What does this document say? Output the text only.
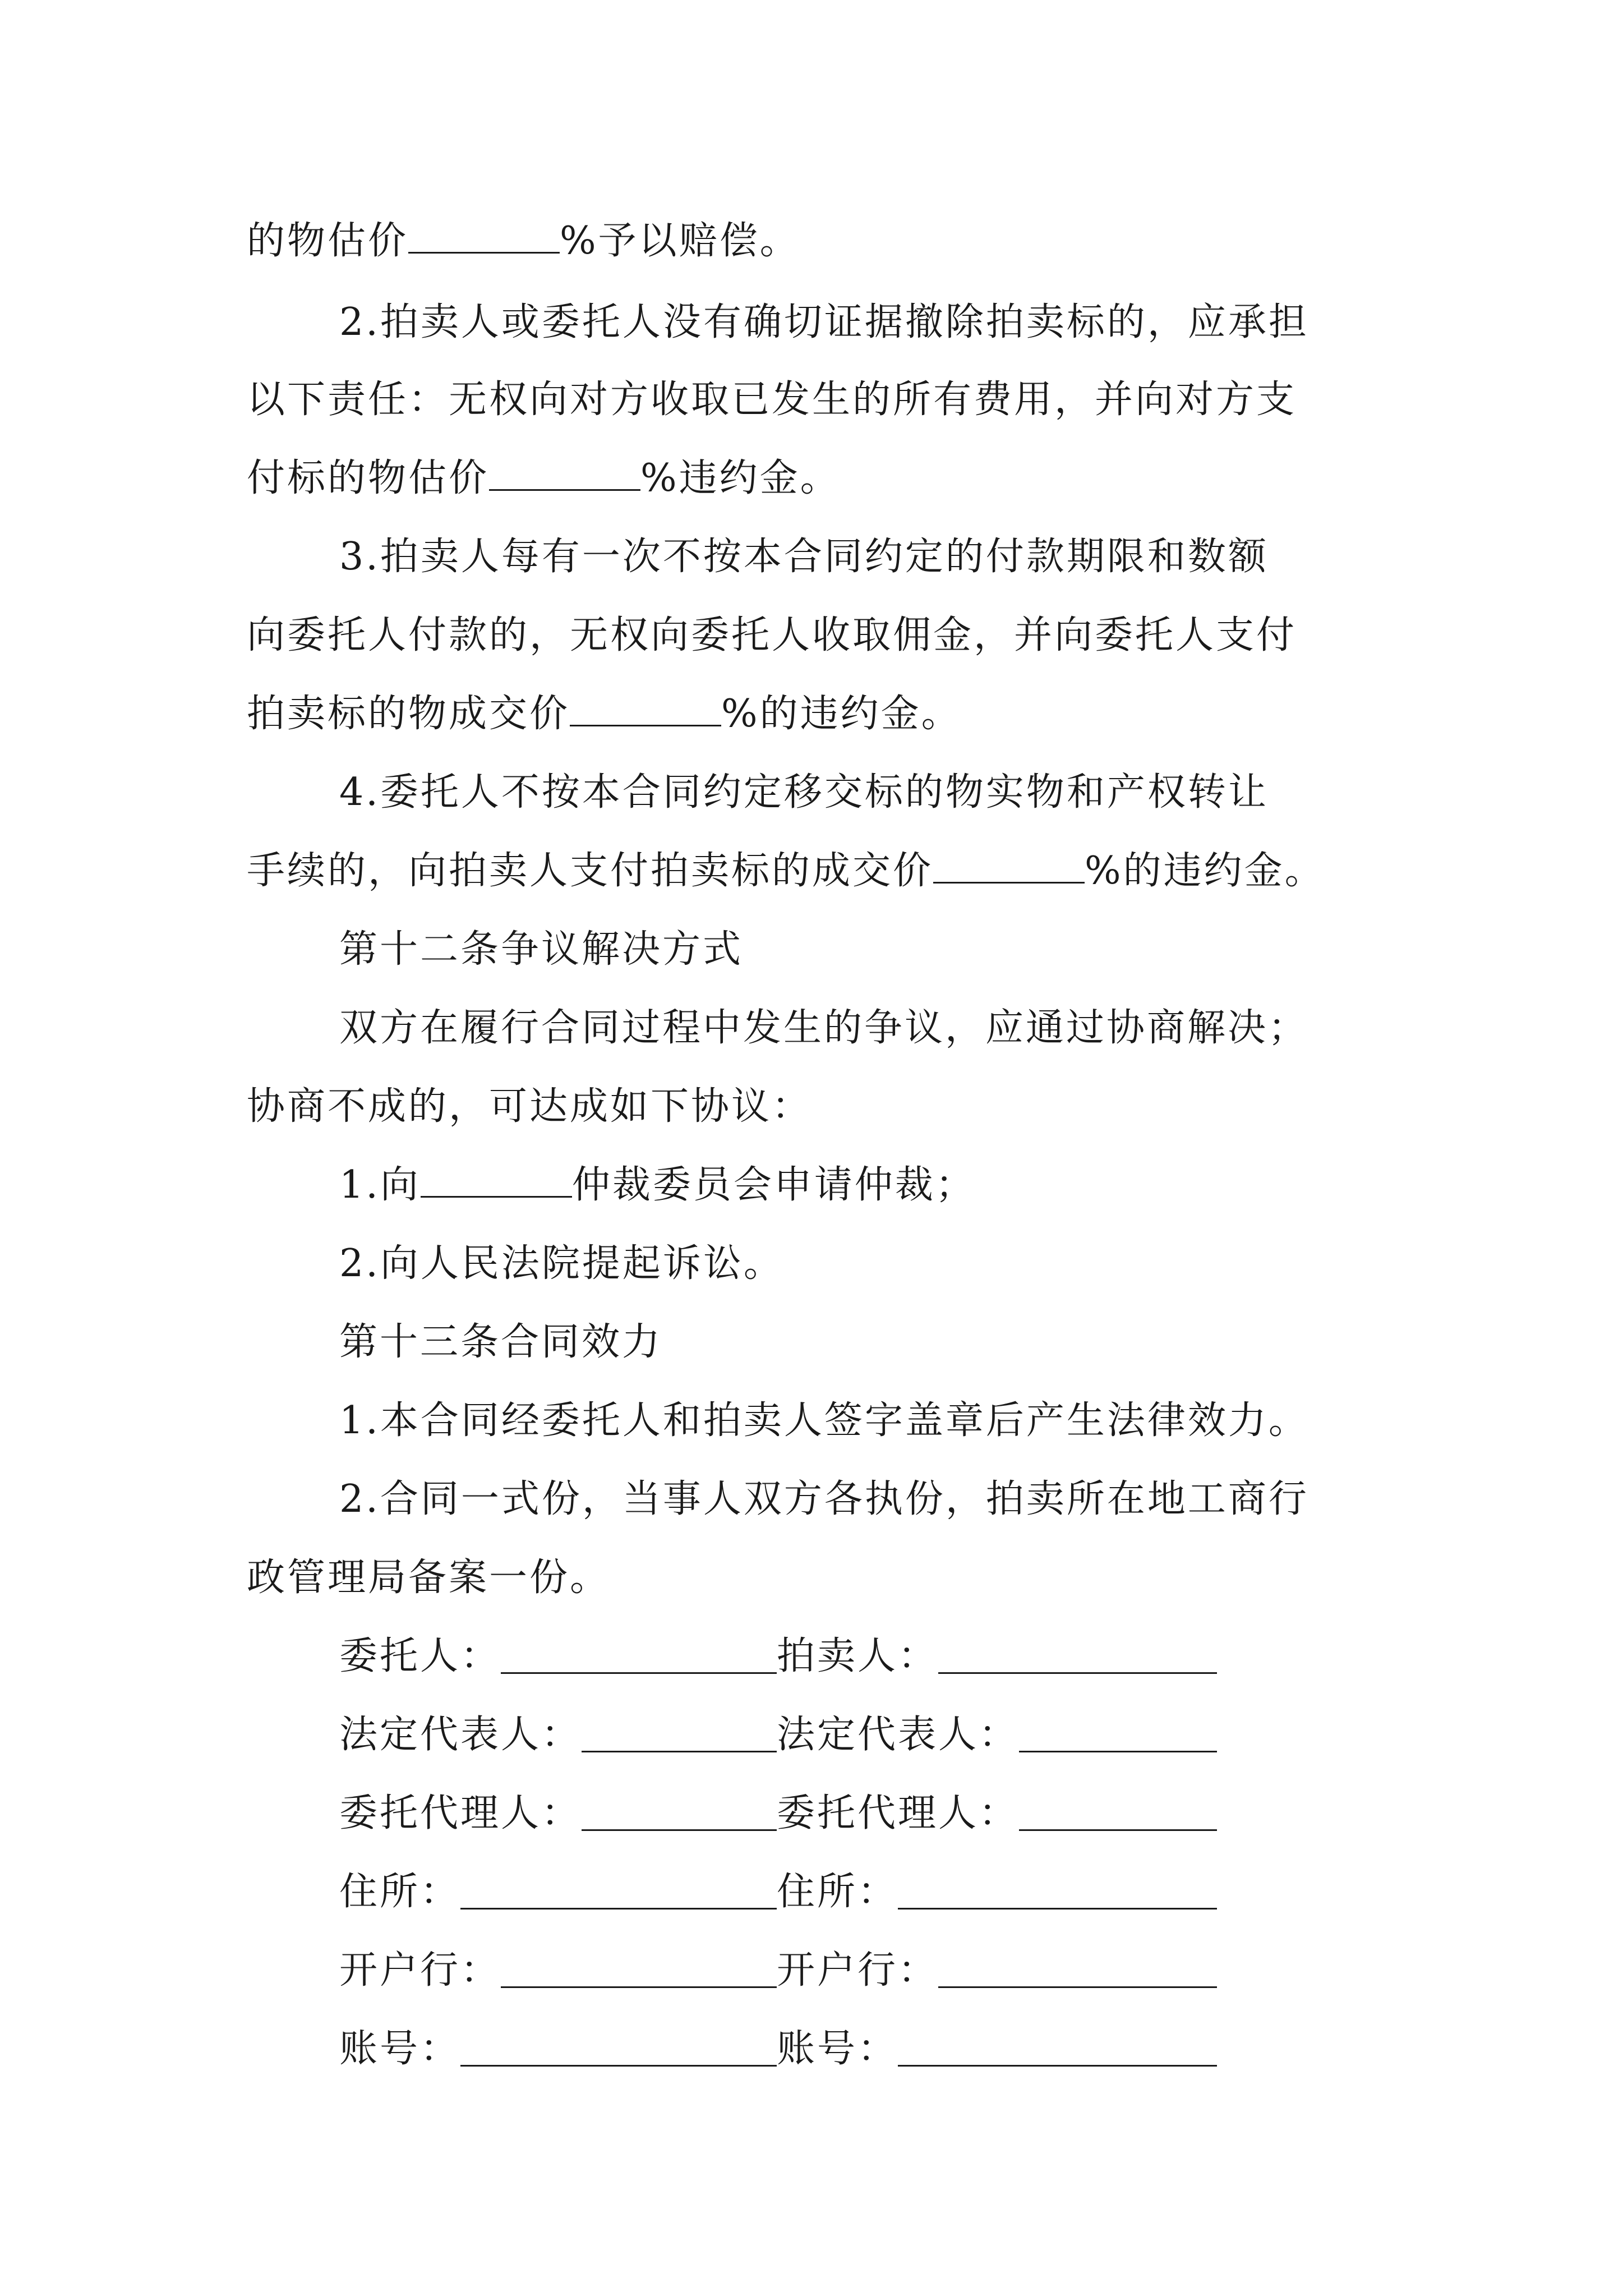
的物估价	%予以赔偿。
2.拍卖人或委托人没有确切证据撤除拍卖标的，应承担
以下责任：无权向对方收取已发生的所有费用，并向对方支
付标的物估价	%违约金。
3.拍卖人每有一次不按本合同约定的付款期限和数额
向委托人付款的，无权向委托人收取佣金，并向委托人支付
拍卖标的物成交价	%的违约金。
4.委托人不按本合同约定移交标的物实物和产权转让
手续的，向拍卖人支付拍卖标的成交价	%的违约金。
第十二条争议解决方式
双方在履行合同过程中发生的争议，应通过协商解决；
协商不成的，可达成如下协议：
1.向	仲裁委员会申请仲裁；
2.向人民法院提起诉讼。
第十三条合同效力
1.本合同经委托人和拍卖人签字盖章后产生法律效力。
2.合同一式份，当事人双方各执份，拍卖所在地工商行
政管理局备案一份。
委托人：	拍卖人：
法定代表人：	法定代表人：
委托代理人：	委托代理人：
住所：	住所：
开户行：	开户行：
账号：	账号：
